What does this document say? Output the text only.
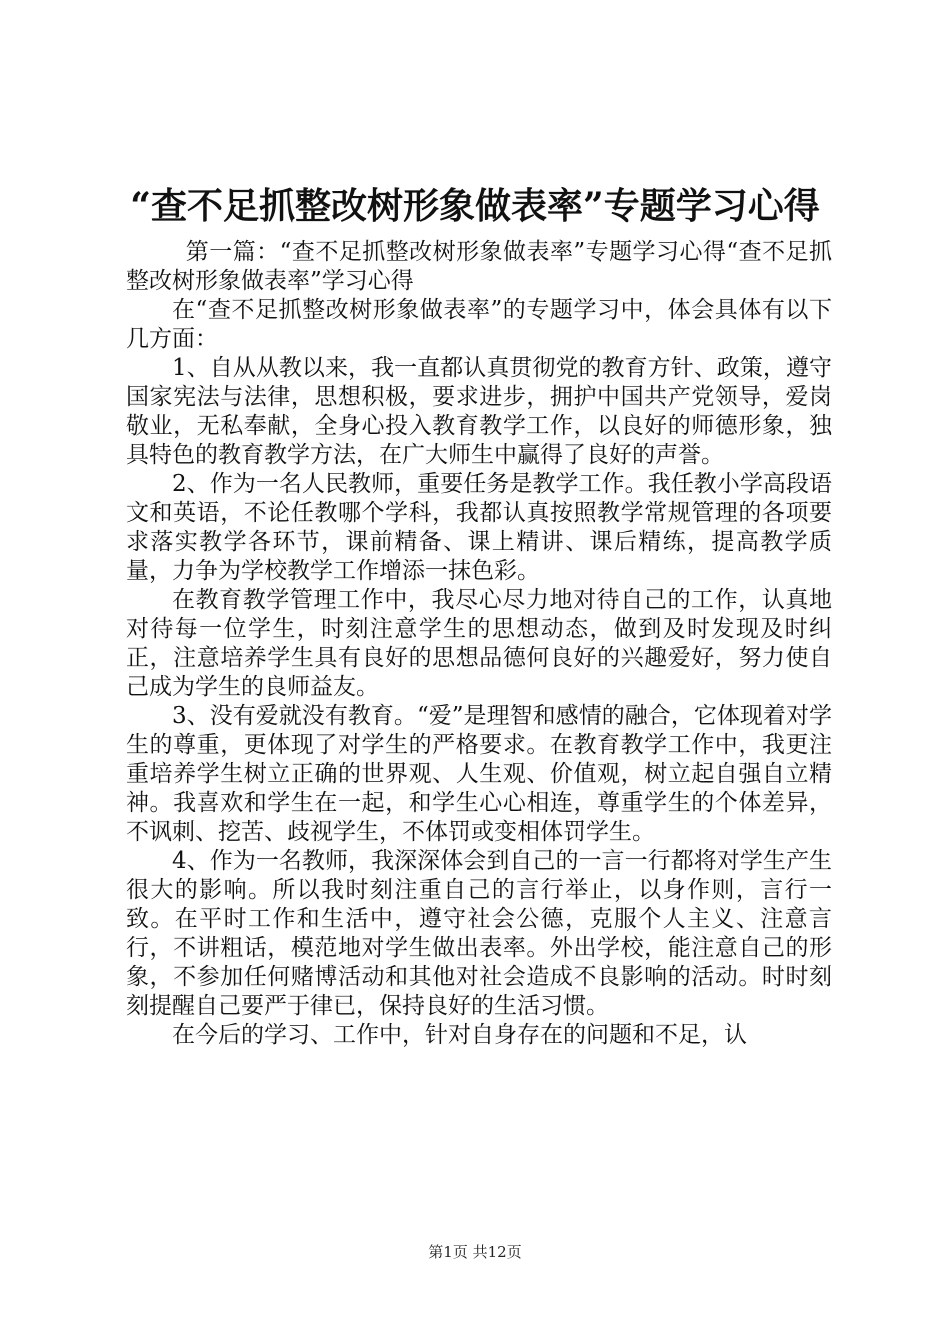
“查不足抓整改树形象做表率”专题学习心得

第一篇：“查不足抓整改树形象做表率”专题学习心得“查不足抓整改树形象做表率”学习心得

在“查不足抓整改树形象做表率”的专题学习中，体会具体有以下几方面：

1、自从从教以来，我一直都认真贯彻党的教育方针、政策，遵守国家宪法与法律，思想积极，要求进步，拥护中国共产党领导，爱岗敬业，无私奉献，全身心投入教育教学工作，以良好的师德形象，独具特色的教育教学方法，在广大师生中赢得了良好的声誉。

2、作为一名人民教师，重要任务是教学工作。我任教小学高段语文和英语，不论任教哪个学科，我都认真按照教学常规管理的各项要求落实教学各环节，课前精备、课上精讲、课后精练，提高教学质量，力争为学校教学工作增添一抹色彩。

在教育教学管理工作中，我尽心尽力地对待自己的工作，认真地对待每一位学生，时刻注意学生的思想动态，做到及时发现及时纠正，注意培养学生具有良好的思想品德何良好的兴趣爱好，努力使自己成为学生的良师益友。

3、没有爱就没有教育。“爱”是理智和感情的融合，它体现着对学生的尊重，更体现了对学生的严格要求。在教育教学工作中，我更注重培养学生树立正确的世界观、人生观、价值观，树立起自强自立精神。我喜欢和学生在一起，和学生心心相连，尊重学生的个体差异，不讽刺、挖苦、歧视学生，不体罚或变相体罚学生。

4、作为一名教师，我深深体会到自己的一言一行都将对学生产生很大的影响。所以我时刻注重自己的言行举止，以身作则，言行一致。在平时工作和生活中，遵守社会公德，克服个人主义、注意言行，不讲粗话，模范地对学生做出表率。外出学校，能注意自己的形象，不参加任何赌博活动和其他对社会造成不良影响的活动。时时刻刻提醒自己要严于律已，保持良好的生活习惯。

在今后的学习、工作中，针对自身存在的问题和不足，认

第1页 共12页
